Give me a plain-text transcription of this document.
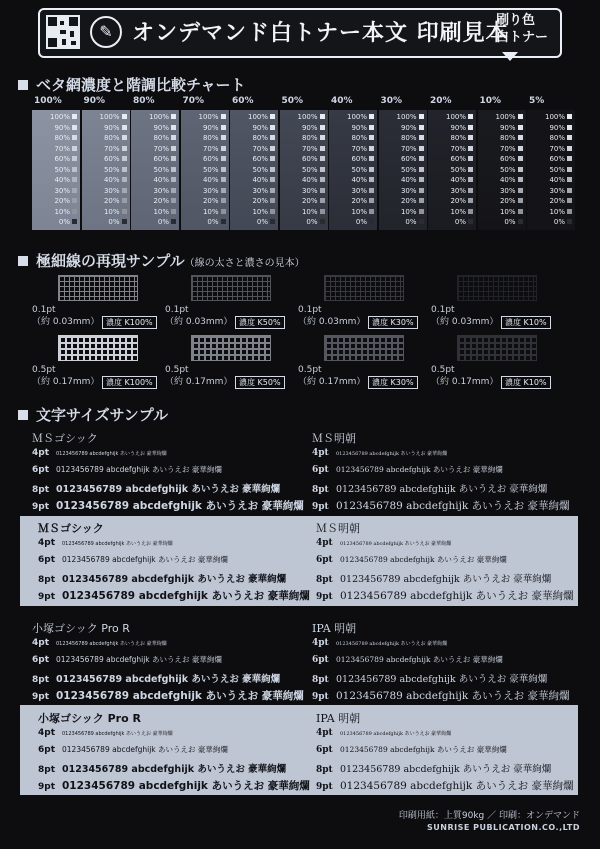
✎ オンデマンド白トナー本文 印刷見本
刷り色
白トナー
ベタ網濃度と階調比較チャート
100%
100%
90%
80%
70%
60%
50%
40%
30%
20%
10%
0%
90%
100%
90%
80%
70%
60%
50%
40%
30%
20%
10%
0%
80%
100%
90%
80%
70%
60%
50%
40%
30%
20%
10%
0%
70%
100%
90%
80%
70%
60%
50%
40%
30%
20%
10%
0%
60%
100%
90%
80%
70%
60%
50%
40%
30%
20%
10%
0%
50%
100%
90%
80%
70%
60%
50%
40%
30%
20%
10%
0%
40%
100%
90%
80%
70%
60%
50%
40%
30%
20%
10%
0%
30%
100%
90%
80%
70%
60%
50%
40%
30%
20%
10%
0%
20%
100%
90%
80%
70%
60%
50%
40%
30%
20%
10%
0%
10%
100%
90%
80%
70%
60%
50%
40%
30%
20%
10%
0%
5%
100%
90%
80%
70%
60%
50%
40%
30%
20%
10%
0%
極細線の再現サンプル（線の太さと濃さの見本）
0.1pt
（約 0.03mm） 濃度 K100%
0.1pt
（約 0.03mm） 濃度 K50%
0.1pt
（約 0.03mm） 濃度 K30%
0.1pt
（約 0.03mm） 濃度 K10%
0.5pt
（約 0.17mm） 濃度 K100%
0.5pt
（約 0.17mm） 濃度 K50%
0.5pt
（約 0.17mm） 濃度 K30%
0.5pt
（約 0.17mm） 濃度 K10%
文字サイズサンプル
ＭＳゴシック
4pt 0123456789 abcdefghijk あいうえお 豪華絢爛
6pt 0123456789 abcdefghijk あいうえお 豪華絢爛
8pt 0123456789 abcdefghijk あいうえお 豪華絢爛
9pt 0123456789 abcdefghijk あいうえお 豪華絢爛
ＭＳ明朝
4pt 0123456789 abcdefghijk あいうえお 豪華絢爛
6pt 0123456789 abcdefghijk あいうえお 豪華絢爛
8pt 0123456789 abcdefghijk あいうえお 豪華絢爛
9pt 0123456789 abcdefghijk あいうえお 豪華絢爛
ＭＳゴシック
4pt 0123456789 abcdefghijk あいうえお 豪華絢爛
6pt 0123456789 abcdefghijk あいうえお 豪華絢爛
8pt 0123456789 abcdefghijk あいうえお 豪華絢爛
9pt 0123456789 abcdefghijk あいうえお 豪華絢爛
ＭＳ明朝
4pt 0123456789 abcdefghijk あいうえお 豪華絢爛
6pt 0123456789 abcdefghijk あいうえお 豪華絢爛
8pt 0123456789 abcdefghijk あいうえお 豪華絢爛
9pt 0123456789 abcdefghijk あいうえお 豪華絢爛
小塚ゴシック Pro R
4pt 0123456789 abcdefghijk あいうえお 豪華絢爛
6pt 0123456789 abcdefghijk あいうえお 豪華絢爛
8pt 0123456789 abcdefghijk あいうえお 豪華絢爛
9pt 0123456789 abcdefghijk あいうえお 豪華絢爛
IPA 明朝
4pt 0123456789 abcdefghijk あいうえお 豪華絢爛
6pt 0123456789 abcdefghijk あいうえお 豪華絢爛
8pt 0123456789 abcdefghijk あいうえお 豪華絢爛
9pt 0123456789 abcdefghijk あいうえお 豪華絢爛
小塚ゴシック Pro R
4pt 0123456789 abcdefghijk あいうえお 豪華絢爛
6pt 0123456789 abcdefghijk あいうえお 豪華絢爛
8pt 0123456789 abcdefghijk あいうえお 豪華絢爛
9pt 0123456789 abcdefghijk あいうえお 豪華絢爛
IPA 明朝
4pt 0123456789 abcdefghijk あいうえお 豪華絢爛
6pt 0123456789 abcdefghijk あいうえお 豪華絢爛
8pt 0123456789 abcdefghijk あいうえお 豪華絢爛
9pt 0123456789 abcdefghijk あいうえお 豪華絢爛
印刷用紙：上質90kg ／ 印刷：オンデマンド
SUNRISE PUBLICATION.CO.,LTD
